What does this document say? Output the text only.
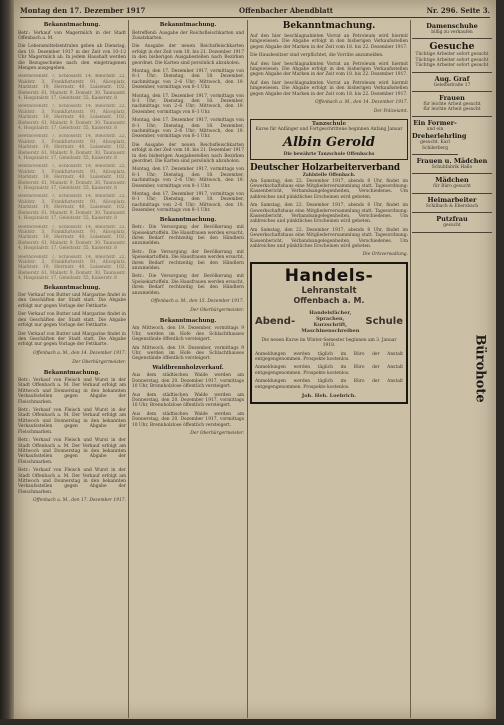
Montag den 17. Dezember 1917	Offenbacher Abendblatt	Nr. 296. Seite 3.
Bekanntmachung.

Betr.: Verkauf von Magermilch in der Stadt Offenbach a. M.

Die Lebensmittelzentralen geben ab Dienstag, den 18. Dezember 1917 in der Zeit von 10–12 Uhr Magermilch ab. In jedem Haushalt werden die Bezugsscheine nach den eingetragenen Mengen ausgegeben.

Beethovenstr. 7, Schlossstr. 14, Bleichstr. 22, Waldstr. 3, Frankfurterstr. 91, Aliceplatz, Marktstr. 19, Herrnstr. 40, Luisenstr. 102, Bieberstr. 61, Mainstr. 9, Domstr. 30, Taunusstr. 4, Hospitalstr. 17, Geleitsstr. 55, Kaiserstr. 8

Beethovenstr. 7, Schlossstr. 14, Bleichstr. 22, Waldstr. 3, Frankfurterstr. 91, Aliceplatz, Marktstr. 19, Herrnstr. 40, Luisenstr. 102, Bieberstr. 61, Mainstr. 9, Domstr. 30, Taunusstr. 4, Hospitalstr. 17, Geleitsstr. 55, Kaiserstr. 8

Beethovenstr. 7, Schlossstr. 14, Bleichstr. 22, Waldstr. 3, Frankfurterstr. 91, Aliceplatz, Marktstr. 19, Herrnstr. 40, Luisenstr. 102, Bieberstr. 61, Mainstr. 9, Domstr. 30, Taunusstr. 4, Hospitalstr. 17, Geleitsstr. 55, Kaiserstr. 8

Beethovenstr. 7, Schlossstr. 14, Bleichstr. 22, Waldstr. 3, Frankfurterstr. 91, Aliceplatz, Marktstr. 19, Herrnstr. 40, Luisenstr. 102, Bieberstr. 61, Mainstr. 9, Domstr. 30, Taunusstr. 4, Hospitalstr. 17, Geleitsstr. 55, Kaiserstr. 8

Beethovenstr. 7, Schlossstr. 14, Bleichstr. 22, Waldstr. 3, Frankfurterstr. 91, Aliceplatz, Marktstr. 19, Herrnstr. 40, Luisenstr. 102, Bieberstr. 61, Mainstr. 9, Domstr. 30, Taunusstr. 4, Hospitalstr. 17, Geleitsstr. 55, Kaiserstr. 8

Beethovenstr. 7, Schlossstr. 14, Bleichstr. 22, Waldstr. 3, Frankfurterstr. 91, Aliceplatz, Marktstr. 19, Herrnstr. 40, Luisenstr. 102, Bieberstr. 61, Mainstr. 9, Domstr. 30, Taunusstr. 4, Hospitalstr. 17, Geleitsstr. 55, Kaiserstr. 8

Beethovenstr. 7, Schlossstr. 14, Bleichstr. 22, Waldstr. 3, Frankfurterstr. 91, Aliceplatz, Marktstr. 19, Herrnstr. 40, Luisenstr. 102, Bieberstr. 61, Mainstr. 9, Domstr. 30, Taunusstr. 4, Hospitalstr. 17, Geleitsstr. 55, Kaiserstr. 8

Bekanntmachung.

Der Verkauf von Butter und Margarine findet in den Geschäften der Stadt statt. Die Abgabe erfolgt nur gegen Vorlage der Fettkarte.

Der Verkauf von Butter und Margarine findet in den Geschäften der Stadt statt. Die Abgabe erfolgt nur gegen Vorlage der Fettkarte.

Der Verkauf von Butter und Margarine findet in den Geschäften der Stadt statt. Die Abgabe erfolgt nur gegen Vorlage der Fettkarte.

Offenbach a. M., den 14. Dezember 1917.
Der Oberbürgermeister.
Bekanntmachung.

Betr.: Verkauf von Fleisch und Wurst in der Stadt Offenbach a. M. Der Verkauf erfolgt am Mittwoch und Donnerstag in den bekannten Verkaufsstellen gegen Abgabe der Fleischmarken.

Betr.: Verkauf von Fleisch und Wurst in der Stadt Offenbach a. M. Der Verkauf erfolgt am Mittwoch und Donnerstag in den bekannten Verkaufsstellen gegen Abgabe der Fleischmarken.

Betr.: Verkauf von Fleisch und Wurst in der Stadt Offenbach a. M. Der Verkauf erfolgt am Mittwoch und Donnerstag in den bekannten Verkaufsstellen gegen Abgabe der Fleischmarken.

Betr.: Verkauf von Fleisch und Wurst in der Stadt Offenbach a. M. Der Verkauf erfolgt am Mittwoch und Donnerstag in den bekannten Verkaufsstellen gegen Abgabe der Fleischmarken.

Offenbach a. M., den 17. Dezember 1917.
Bekanntmachung.

Betreffend: Ausgabe der Reichsfleischkarten und Zusatzkarten.

Die Ausgabe der neuen Reichsfleischkarten erfolgt in der Zeit vom 18. bis 21. Dezember 1917 in den bisherigen Ausgabestellen nach Bezirken geordnet. Die Karten sind persönlich abzuholen.

Montag, den 17. Dezember 1917, vormittags von 8–1 Uhr; Dienstag, den 18. Dezember, nachmittags von 2–6 Uhr; Mittwoch, den 19. Dezember, vormittags von 8–1 Uhr.

Montag, den 17. Dezember 1917, vormittags von 8–1 Uhr; Dienstag, den 18. Dezember, nachmittags von 2–6 Uhr; Mittwoch, den 19. Dezember, vormittags von 8–1 Uhr.

Montag, den 17. Dezember 1917, vormittags von 8–1 Uhr; Dienstag, den 18. Dezember, nachmittags von 2–6 Uhr; Mittwoch, den 19. Dezember, vormittags von 8–1 Uhr.

Die Ausgabe der neuen Reichsfleischkarten erfolgt in der Zeit vom 18. bis 21. Dezember 1917 in den bisherigen Ausgabestellen nach Bezirken geordnet. Die Karten sind persönlich abzuholen.

Montag, den 17. Dezember 1917, vormittags von 8–1 Uhr; Dienstag, den 18. Dezember, nachmittags von 2–6 Uhr; Mittwoch, den 19. Dezember, vormittags von 8–1 Uhr.

Montag, den 17. Dezember 1917, vormittags von 8–1 Uhr; Dienstag, den 18. Dezember, nachmittags von 2–6 Uhr; Mittwoch, den 19. Dezember, vormittags von 8–1 Uhr.

Bekanntmachung.

Betr.: Die Versorgung der Bevölkerung mit Speisekartoffeln. Die Hausfrauen werden ersucht, ihren Bedarf rechtzeitig bei den Händlern anzumelden.

Betr.: Die Versorgung der Bevölkerung mit Speisekartoffeln. Die Hausfrauen werden ersucht, ihren Bedarf rechtzeitig bei den Händlern anzumelden.

Betr.: Die Versorgung der Bevölkerung mit Speisekartoffeln. Die Hausfrauen werden ersucht, ihren Bedarf rechtzeitig bei den Händlern anzumelden.

Offenbach a. M., den 15. Dezember 1917.
Der Oberbürgermeister.
Bekanntmachung.

Am Mittwoch, den 19. Dezember, vormittags 9 Uhr, werden im Hofe des Schlachthauses Gegenstände öffentlich versteigert.

Am Mittwoch, den 19. Dezember, vormittags 9 Uhr, werden im Hofe des Schlachthauses Gegenstände öffentlich versteigert.

Waldbrennholzverkauf.

Aus dem städtischen Walde werden am Donnerstag, den 20. Dezember 1917, vormittags 10 Uhr, Brennholzlose öffentlich versteigert.

Aus dem städtischen Walde werden am Donnerstag, den 20. Dezember 1917, vormittags 10 Uhr, Brennholzlose öffentlich versteigert.

Aus dem städtischen Walde werden am Donnerstag, den 20. Dezember 1917, vormittags 10 Uhr, Brennholzlose öffentlich versteigert.

Der Oberbürgermeister.
Bekanntmachung.

Auf den hier beschlagnahmten Vorrat an Petroleum wird hiermit hingewiesen. Die Abgabe erfolgt in den bisherigen Verkaufsstellen gegen Abgabe der Marken in der Zeit vom 18. bis 22. Dezember 1917.

Die Hausbesitzer sind verpflichtet, die Vorräte anzumelden.

Auf den hier beschlagnahmten Vorrat an Petroleum wird hiermit hingewiesen. Die Abgabe erfolgt in den bisherigen Verkaufsstellen gegen Abgabe der Marken in der Zeit vom 18. bis 22. Dezember 1917.

Auf den hier beschlagnahmten Vorrat an Petroleum wird hiermit hingewiesen. Die Abgabe erfolgt in den bisherigen Verkaufsstellen gegen Abgabe der Marken in der Zeit vom 18. bis 22. Dezember 1917.

Offenbach a. M., den 14. Dezember 1917.
Der Polizeiamt.
Tanzschule
Kurse für Anfänger und Fortgeschrittene beginnen Anfang Januar
Albin Gerold
Die bewährte Tanzschule Offenbachs
Deutscher Holzarbeiterverband
Zahlstelle Offenbach.

Am Samstag, den 22. Dezember 1917, abends 8 Uhr, findet im Gewerkschaftshaus eine Mitgliederversammlung statt. Tagesordnung: Kassenbericht, Verbandsangelegenheiten, Verschiedenes. Um zahlreiches und pünktliches Erscheinen wird gebeten.

Am Samstag, den 22. Dezember 1917, abends 8 Uhr, findet im Gewerkschaftshaus eine Mitgliederversammlung statt. Tagesordnung: Kassenbericht, Verbandsangelegenheiten, Verschiedenes. Um zahlreiches und pünktliches Erscheinen wird gebeten.

Am Samstag, den 22. Dezember 1917, abends 8 Uhr, findet im Gewerkschaftshaus eine Mitgliederversammlung statt. Tagesordnung: Kassenbericht, Verbandsangelegenheiten, Verschiedenes. Um zahlreiches und pünktliches Erscheinen wird gebeten.

Die Ortsverwaltung.
Handels-
Lehranstalt
Offenbach a. M.
Abend-
Handelsfächer, Sprachen, Kurzschrift, Maschinenschreiben
Schule

Die neuen Kurse im Winter-Semester beginnen am 3. Januar 1918.

Anmeldungen werden täglich im Büro der Anstalt entgegengenommen. Prospekte kostenlos.

Anmeldungen werden täglich im Büro der Anstalt entgegengenommen. Prospekte kostenlos.

Anmeldungen werden täglich im Büro der Anstalt entgegengenommen. Prospekte kostenlos.

Joh. Heh. Loebrich.
Damenschuhe
billig zu verkaufen
Gesuche
Tüchtige Arbeiter sofort gesucht
Tüchtige Arbeiter sofort gesucht
Tüchtige Arbeiter sofort gesucht
Aug. Graf
Geleitsstraße 17
Frauen
für leichte Arbeit gesucht
für leichte Arbeit gesucht
Ein Former-
und ein
Dreherlehrling
gesucht. Karl Schilerberg
Frauen u. Mädchen
Schuhfabrik Hallo
Mädchen
für Büro gesucht
Heimarbeiter
Schilbach & Ebersbach
Putzfrau
gesucht
Bürohote
